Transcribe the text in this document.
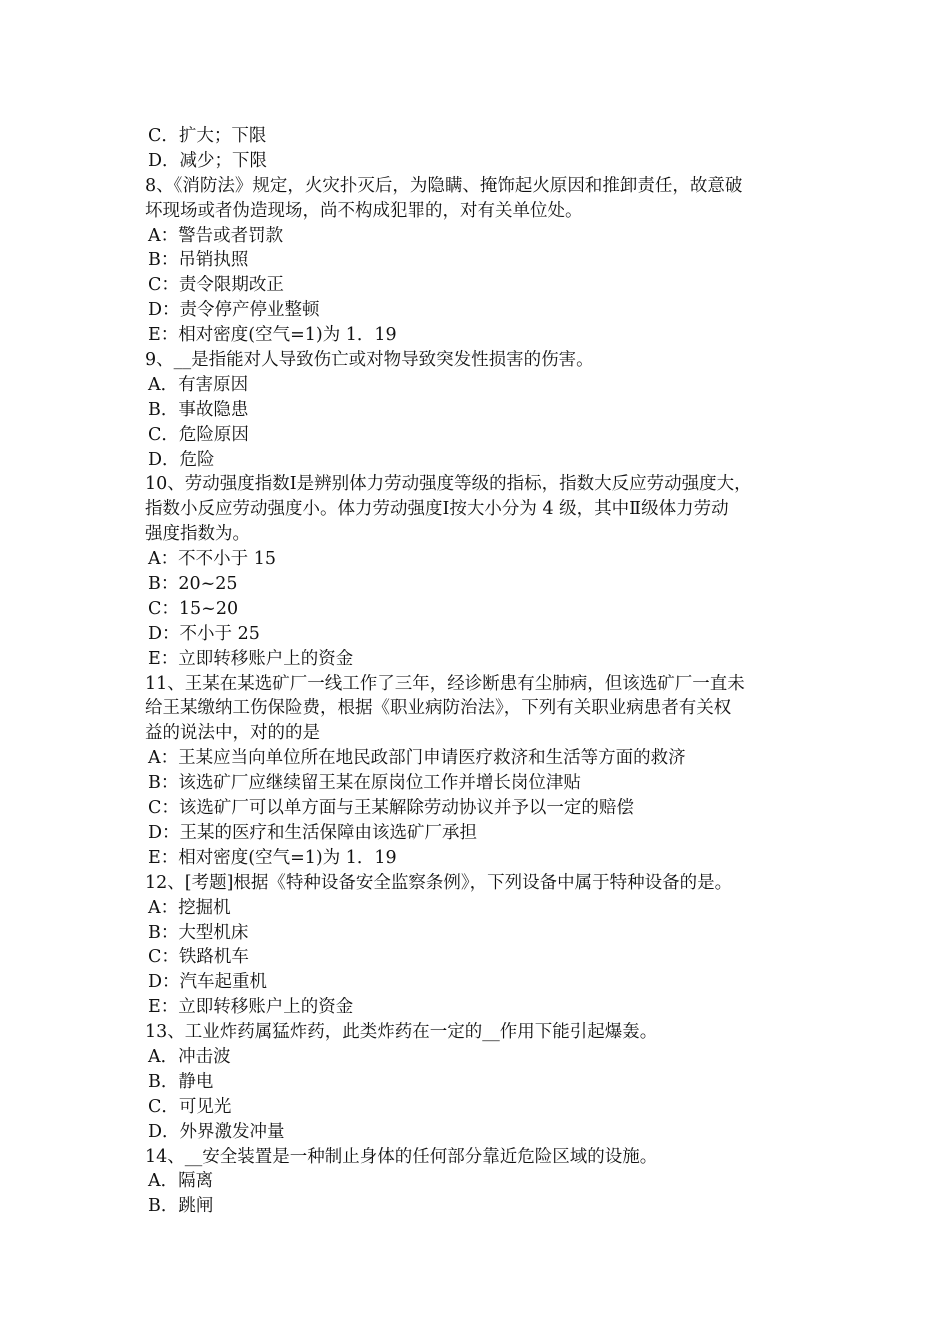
C．扩大；下限
D．减少；下限
8、《消防法》规定，火灾扑灭后，为隐瞒、掩饰起火原因和推卸责任，故意破
坏现场或者伪造现场，尚不构成犯罪的，对有关单位处。
A：警告或者罚款
B：吊销执照
C：责令限期改正
D：责令停产停业整顿
E：相对密度(空气=1)为 1．19
9、__是指能对人导致伤亡或对物导致突发性损害的伤害。
A．有害原因
B．事故隐患
C．危险原因
D．危险
10、劳动强度指数Ⅰ是辨别体力劳动强度等级的指标，指数大反应劳动强度大，
指数小反应劳动强度小。体力劳动强度Ⅰ按大小分为 4 级，其中Ⅱ级体力劳动
强度指数为。
A：不不小于 15
B：20~25
C：15~20
D：不小于 25
E：立即转移账户上的资金
11、王某在某选矿厂一线工作了三年，经诊断患有尘肺病，但该选矿厂一直未
给王某缴纳工伤保险费，根据《职业病防治法》，下列有关职业病患者有关权
益的说法中，对的的是
A：王某应当向单位所在地民政部门申请医疗救济和生活等方面的救济
B：该选矿厂应继续留王某在原岗位工作并增长岗位津贴
C：该选矿厂可以单方面与王某解除劳动协议并予以一定的赔偿
D：王某的医疗和生活保障由该选矿厂承担
E：相对密度(空气=1)为 1．19
12、[考题]根据《特种设备安全监察条例》，下列设备中属于特种设备的是。
A：挖掘机
B：大型机床
C：铁路机车
D：汽车起重机
E：立即转移账户上的资金
13、工业炸药属猛炸药，此类炸药在一定的__作用下能引起爆轰。
A．冲击波
B．静电
C．可见光
D．外界激发冲量
14、__安全装置是一种制止身体的任何部分靠近危险区域的设施。
A．隔离
B．跳闸
